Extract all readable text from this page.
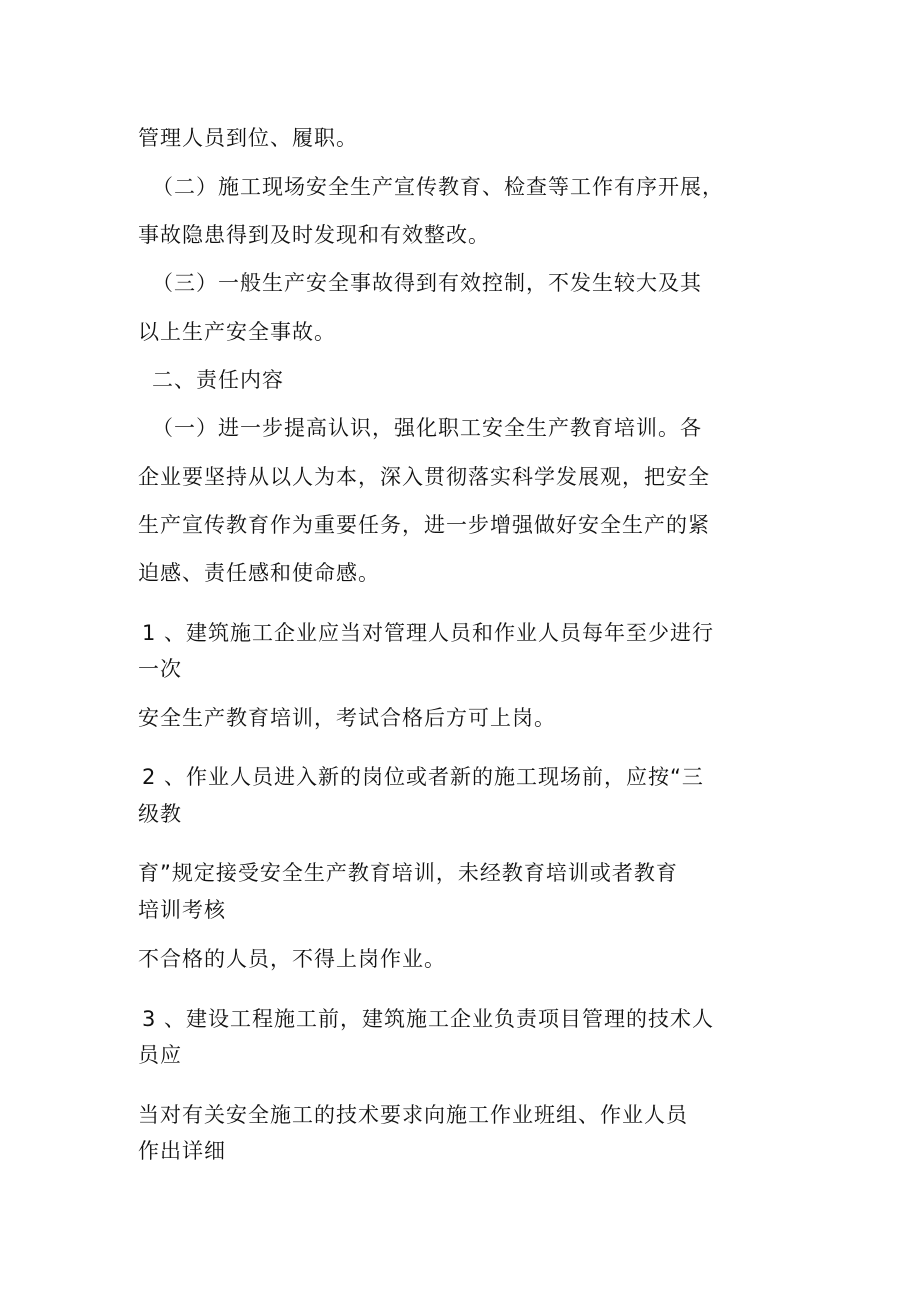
管理人员到位、履职。
（二）施工现场安全生产宣传教育、检查等工作有序开展，
事故隐患得到及时发现和有效整改。
（三）一般生产安全事故得到有效控制，不发生较大及其
以上生产安全事故。
二、责任内容
（一）进一步提高认识，强化职工安全生产教育培训。各
企业要坚持从以人为本，深入贯彻落实科学发展观，把安全
生产宣传教育作为重要任务，进一步增强做好安全生产的紧
迫感、责任感和使命感。
1 、建筑施工企业应当对管理人员和作业人员每年至少进行
一次
安全生产教育培训，考试合格后方可上岗。
2 、作业人员进入新的岗位或者新的施工现场前，应按“三
级教
育”规定接受安全生产教育培训，未经教育培训或者教育
培训考核
不合格的人员，不得上岗作业。
3 、建设工程施工前，建筑施工企业负责项目管理的技术人
员应
当对有关安全施工的技术要求向施工作业班组、作业人员
作出详细
